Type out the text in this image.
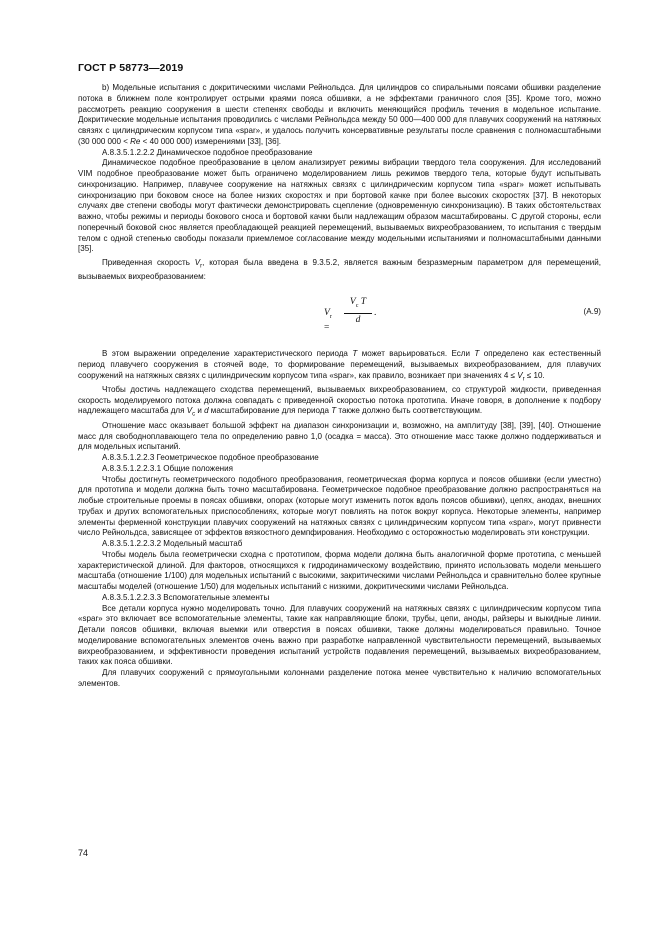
ГОСТ Р 58773—2019

b) Модельные испытания с докритическими числами Рейнольдса. Для цилиндров со спиральными поясами обшивки разделение потока в ближнем поле контролирует острыми краями пояса обшивки, а не эффектами граничного слоя [35]. Кроме того, можно рассмотреть реакцию сооружения в шести степенях свободы и включить меняющийся профиль течения в модельное испытание. Докритические модельные испытания проводились с числами Рейнольдса между 50 000—400 000 для плавучих сооружений на натяжных связях с цилиндрическим корпусом типа «spar», и удалось получить консервативные результаты после сравнения с полномасштабными (30 000 000 < Re < 40 000 000) измерениями [33], [36].

А.8.3.5.1.2.2.2 Динамическое подобное преобразование

Динамическое подобное преобразование в целом анализирует режимы вибрации твердого тела сооружения. Для исследований VIM подобное преобразование может быть ограничено моделированием лишь режимов твердого тела, которые будут испытывать синхронизацию. Например, плавучее сооружение на натяжных связях с цилиндрическим корпусом типа «spar» может испытывать синхронизацию при боковом сносе на более низких скоростях и при бортовой качке при более высоких скоростях [37]. В некоторых случаях две степени свободы могут фактически демонстрировать сцепление (одновременную синхронизацию). В таких обстоятельствах важно, чтобы режимы и периоды бокового сноса и бортовой качки были надлежащим образом масштабированы. С другой стороны, если поперечный боковой снос является преобладающей реакцией перемещений, вызываемых вихреобразованием, то испытания с твердым телом с одной степенью свободы показали приемлемое согласование между модельными испытаниями и полномасштабными данными [35].

Приведенная скорость $V_r$, которая была введена в 9.3.5.2, является важным безразмерным параметром для перемещений, вызываемых вихреобразованием:

$V_r$ =
$\frac{V_c T}{d}$ .	(А.9)

В этом выражении определение характеристического периода T может варьироваться. Если T определено как естественный период плавучего сооружения в стоячей воде, то формирование перемещений, вызываемых вихреобразованием, для плавучих сооружений на натяжных связях с цилиндрическим корпусом типа «spar», как правило, возникает при значениях $4 \le V_r \le 10$.

Чтобы достичь надлежащего сходства перемещений, вызываемых вихреобразованием, со структурой жидкости, приведенная скорость моделируемого потока должна совпадать с приведенной скоростью потока прототипа. Иначе говоря, в дополнение к подбору надлежащего масштаба для $V_c$ и d масштабирование для периода T также должно быть соответствующим.

Отношение масс оказывает большой эффект на диапазон синхронизации и, возможно, на амплитуду [38], [39], [40]. Отношение масс для свободноплавающего тела по определению равно 1,0 (осадка = масса). Это отношение масс также должно поддерживаться и для модельных испытаний.

А.8.3.5.1.2.2.3 Геометрическое подобное преобразование

А.8.3.5.1.2.2.3.1 Общие положения

Чтобы достигнуть геометрического подобного преобразования, геометрическая форма корпуса и поясов обшивки (если уместно) для прототипа и модели должна быть точно масштабирована. Геометрическое подобное преобразование должно распространяться на любые строительные проемы в поясах обшивки, опорах (которые могут изменить поток вдоль поясов обшивки), цепях, анодах, внешних трубах и других вспомогательных приспособлениях, которые могут повлиять на поток вокруг корпуса. Некоторые элементы, например элементы ферменной конструкции плавучих сооружений на натяжных связях с цилиндрическим корпусом типа «spar», могут привнести число Рейнольдса, зависящее от эффектов вязкостного демпфирования. Необходимо с осторожностью моделировать эти конструкции.

А.8.3.5.1.2.2.3.2 Модельный масштаб

Чтобы модель была геометрически сходна с прототипом, форма модели должна быть аналогичной форме прототипа, с меньшей характеристической длиной. Для факторов, относящихся к гидродинамическому воздействию, принято использовать модели меньшего масштаба (отношение 1/100) для модельных испытаний с высокими, закритическими числами Рейнольдса и сравнительно более крупные масштабы моделей (отношение 1/50) для модельных испытаний с низкими, докритическими числами Рейнольдса.

А.8.3.5.1.2.2.3.3 Вспомогательные элементы

Все детали корпуса нужно моделировать точно. Для плавучих сооружений на натяжных связях с цилиндрическим корпусом типа «spar» это включает все вспомогательные элементы, такие как направляющие блоки, трубы, цепи, аноды, райзеры и выкидные линии. Детали поясов обшивки, включая выемки или отверстия в поясах обшивки, также должны моделироваться правильно. Точное моделирование вспомогательных элементов очень важно при разработке направленной чувствительности перемещений, вызываемых вихреобразованием, и эффективности проведения испытаний устройств подавления перемещений, вызываемых вихреобразованием, таких как пояса обшивки.

Для плавучих сооружений с прямоугольными колоннами разделение потока менее чувствительно к наличию вспомогательных элементов.

74
